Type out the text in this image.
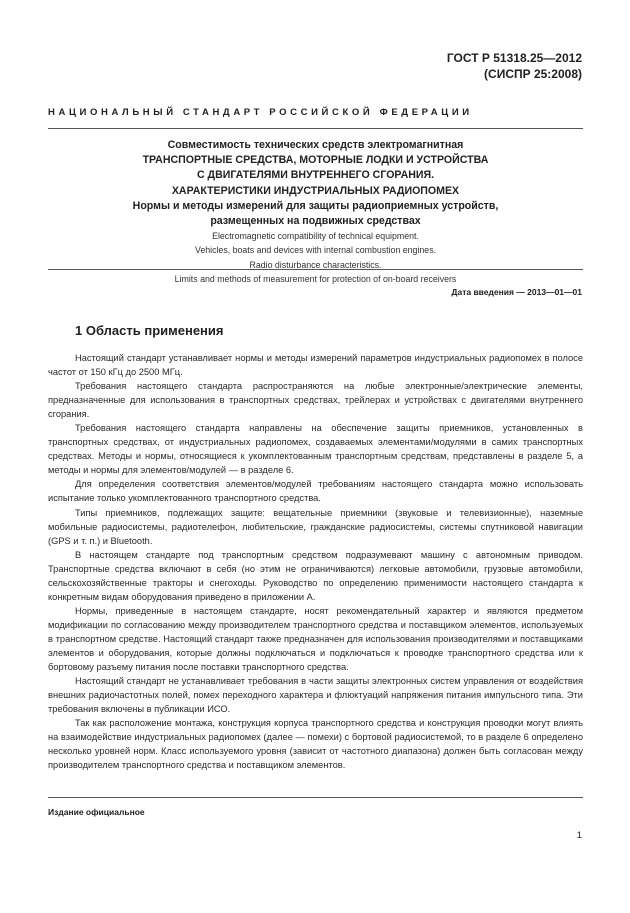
ГОСТ Р 51318.25—2012
(СИСПР 25:2008)
НАЦИОНАЛЬНЫЙ СТАНДАРТ РОССИЙСКОЙ ФЕДЕРАЦИИ
Совместимость технических средств электромагнитная
ТРАНСПОРТНЫЕ СРЕДСТВА, МОТОРНЫЕ ЛОДКИ И УСТРОЙСТВА
С ДВИГАТЕЛЯМИ ВНУТРЕННЕГО СГОРАНИЯ.
ХАРАКТЕРИСТИКИ ИНДУСТРИАЛЬНЫХ РАДИОПОМЕХ
Нормы и методы измерений для защиты радиоприемных устройств,
размещенных на подвижных средствах
Electromagnetic compatibility of technical equipment.
Vehicles, boats and devices with internal combustion engines.
Radio disturbance characteristics.
Limits and methods of measurement for protection of on-board receivers
Дата введения — 2013—01—01
1 Область применения

Настоящий стандарт устанавливает нормы и методы измерений параметров индустриальных радиопомех в полосе частот от 150 кГц до 2500 МГц.

Требования настоящего стандарта распространяются на любые электронные/электрические элементы, предназначенные для использования в транспортных средствах, трейлерах и устройствах с двигателями внутреннего сгорания.

Требования настоящего стандарта направлены на обеспечение защиты приемников, установленных в транспортных средствах, от индустриальных радиопомех, создаваемых элементами/модулями в самих транспортных средствах. Методы и нормы, относящиеся к укомплектованным транспортным средствам, представлены в разделе 5, а методы и нормы для элементов/модулей — в разделе 6.

Для определения соответствия элементов/модулей требованиям настоящего стандарта можно использовать испытание только укомплектованного транспортного средства.

Типы приемников, подлежащих защите: вещательные приемники (звуковые и телевизионные), наземные мобильные радиосистемы, радиотелефон, любительские, гражданские радиосистемы, системы спутниковой навигации (GPS и т. п.) и Bluetooth.

В настоящем стандарте под транспортным средством подразумевают машину с автономным приводом. Транспортные средства включают в себя (но этим не ограничиваются) легковые автомобили, грузовые автомобили, сельскохозяйственные тракторы и снегоходы. Руководство по определению применимости настоящего стандарта к конкретным видам оборудования приведено в приложении А.

Нормы, приведенные в настоящем стандарте, носят рекомендательный характер и являются предметом модификации по согласованию между производителем транспортного средства и поставщиком элементов, используемых в транспортном средстве. Настоящий стандарт также предназначен для использования производителями и поставщиками элементов и оборудования, которые должны подключаться и подключаться к проводке транспортного средства или к бортовому разъему питания после поставки транспортного средства.

Настоящий стандарт не устанавливает требования в части защиты электронных систем управления от воздействия внешних радиочастотных полей, помех переходного характера и флюктуаций напряжения питания импульсного типа. Эти требования включены в публикации ИСО.

Так как расположение монтажа, конструкция корпуса транспортного средства и конструкция проводки могут влиять на взаимодействие индустриальных радиопомех (далее — помехи) с бортовой радиосистемой, то в разделе 6 определено несколько уровней норм. Класс используемого уровня (зависит от частотного диапазона) должен быть согласован между производителем транспортного средства и поставщиком элементов.

Издание официальное
1
